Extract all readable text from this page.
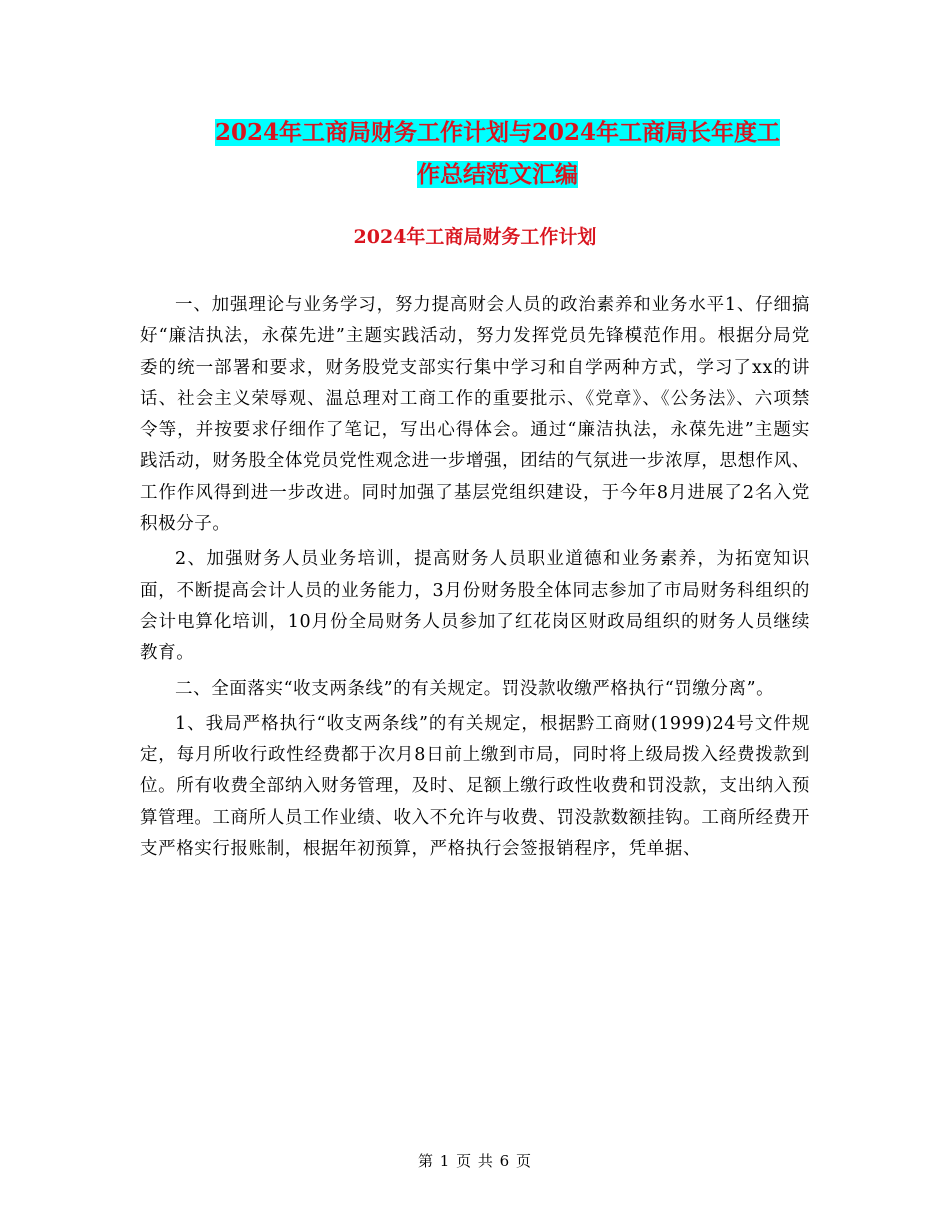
2024年工商局财务工作计划与2024年工商局长年度工
作总结范文汇编
2024年工商局财务工作计划

一、加强理论与业务学习，努力提高财会人员的政治素养和业务水平1、仔细搞好“廉洁执法，永葆先进”主题实践活动，努力发挥党员先锋模范作用。根据分局党委的统一部署和要求，财务股党支部实行集中学习和自学两种方式，学习了xx的讲话、社会主义荣辱观、温总理对工商工作的重要批示、《党章》、《公务法》、六项禁令等，并按要求仔细作了笔记，写出心得体会。通过“廉洁执法，永葆先进”主题实践活动，财务股全体党员党性观念进一步增强，团结的气氛进一步浓厚，思想作风、工作作风得到进一步改进。同时加强了基层党组织建设，于今年8月进展了2名入党积极分子。

2、加强财务人员业务培训，提高财务人员职业道德和业务素养，为拓宽知识面，不断提高会计人员的业务能力，3月份财务股全体同志参加了市局财务科组织的会计电算化培训，10月份全局财务人员参加了红花岗区财政局组织的财务人员继续教育。

二、全面落实“收支两条线”的有关规定。罚没款收缴严格执行“罚缴分离”。

1、我局严格执行“收支两条线”的有关规定，根据黔工商财(1999)24号文件规定，每月所收行政性经费都于次月8日前上缴到市局，同时将上级局拨入经费拨款到位。所有收费全部纳入财务管理，及时、足额上缴行政性收费和罚没款，支出纳入预算管理。工商所人员工作业绩、收入不允许与收费、罚没款数额挂钩。工商所经费开支严格实行报账制，根据年初预算，严格执行会签报销程序，凭单据、

第 1 页 共 6 页
